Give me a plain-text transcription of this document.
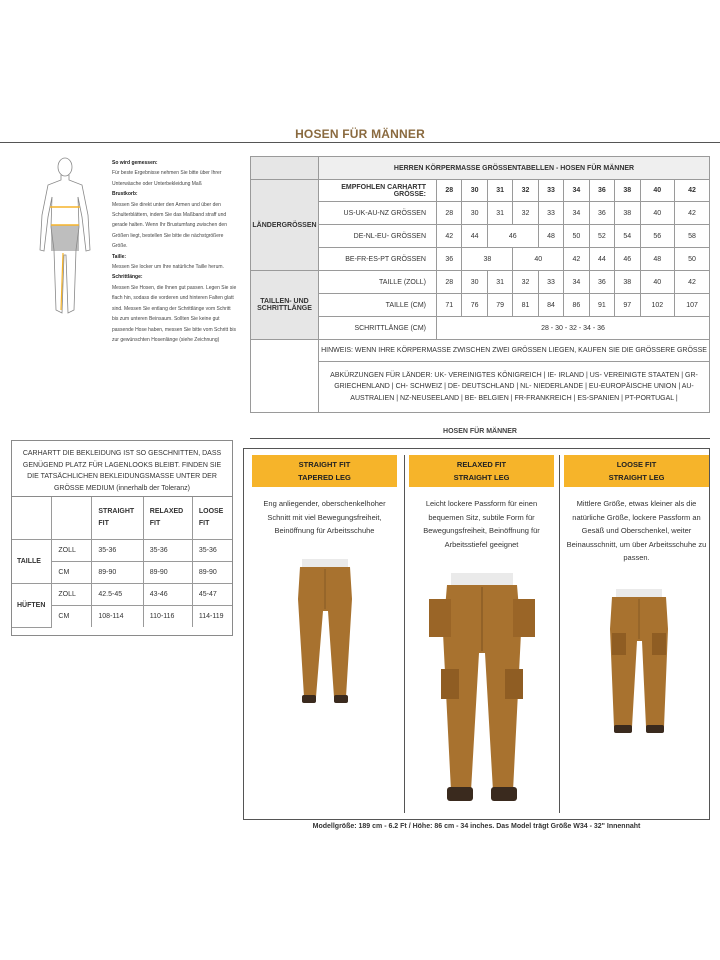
HOSEN FÜR MÄNNER
So wird gemessen:
Für beste Ergebnisse nehmen Sie bitte über Ihrer Unterwäsche oder Unterbekleidung Maß
Brustkorb:
Messen Sie direkt unter den Armen und über den Schulterblättern, indem Sie das Maßband straff und gerade halten. Wenn Ihr Brustumfang zwischen den Größen liegt, bestellen Sie bitte die nächstgrößere Größe.
Taille:
Messen Sie locker um Ihre natürliche Taille herum.
Schrittlänge:
Messen Sie Hosen, die Ihnen gut passen. Legen Sie sie flach hin, sodass die vorderen und hinteren Falten glatt sind. Messen Sie entlang der Schrittlänge vom Schritt bis zum unteren Beinsaum. Sollten Sie keine gut passende Hose haben, messen Sie bitte vom Schritt bis zur gewünschten Hosenlänge (siehe Zeichnung)
	HERREN KÖRPERMASSE GRÖSSENTABELLEN - HOSEN FÜR MÄNNER										
LÄNDERGRÖSSEN	EMPFOHLEN CARHARTT GRÖSSE:	28	30	31	32	33	34	36	38	40	42
	US-UK-AU-NZ GRÖSSEN	28	30	31	32	33	34	36	38	40	42
	DE-NL-EU- GRÖSSEN	42	44	46		48	50	52	54	56	58
	BE-FR-ES-PT GRÖSSEN	36	38		40		42	44	46	48	50
TAILLEN- UND SCHRITTLÄNGE	TAILLE (ZOLL)	28	30	31	32	33	34	36	38	40	42
	TAILLE (CM)	71	76	79	81	84	86	91	97	102	107
	SCHRITTLÄNGE (CM)	28 - 30 - 32 - 34 - 36									
	HINWEIS: WENN IHRE KÖRPERMASSE ZWISCHEN ZWEI GRÖSSEN LIEGEN, KAUFEN SIE DIE GRÖSSERE GRÖSSE										
	ABKÜRZUNGEN FÜR LÄNDER: UK- VEREINIGTES KÖNIGREICH | IE- IRLAND | US- VEREINIGTE STAATEN | GR- GRIECHENLAND | CH- SCHWEIZ | DE- DEUTSCHLAND | NL- NIEDERLANDE | EU-EUROPÄISCHE UNION | AU-AUSTRALIEN | NZ-NEUSEELAND | BE- BELGIEN | FR-FRANKREICH | ES-SPANIEN | PT-PORTUGAL |										
HOSEN FÜR MÄNNER
CARHARTT DIE BEKLEIDUNG IST SO GESCHNITTEN, DASS GENÜGEND PLATZ FÜR LAGENLOOKS BLEIBT. FINDEN SIE DIE TATSÄCHLICHEN BEKLEIDUNGSMASSE UNTER DER GRÖSSE MEDIUM (innerhalb der Toleranz)
		STRAIGHT FIT	RELAXED FIT	LOOSE FIT
TAILLE	ZOLL	35-36	35-36	35-36
	CM	89-90	89-90	89-90
HÜFTEN	ZOLL	42.5-45	43-46	45-47
	CM	108-114	110-116	114-119
STRAIGHT FIT
TAPERED LEG
Eng anliegender, oberschenkelhoher Schnitt mit viel Bewegungsfreiheit, Beinöffnung für Arbeitsschuhe
RELAXED FIT
STRAIGHT LEG
Leicht lockere Passform für einen bequemen Sitz, subtile Form für Bewegungsfreiheit, Beinöffnung für Arbeitsstiefel geeignet
LOOSE FIT
STRAIGHT LEG
Mittlere Größe, etwas kleiner als die natürliche Größe, lockere Passform an Gesäß und Oberschenkel, weiter Beinausschnitt, um über Arbeitsschuhe zu passen.
Modellgröße: 189 cm - 6.2 Ft / Höhe: 86 cm - 34 inches. Das Model trägt Größe W34 - 32" Innennaht
